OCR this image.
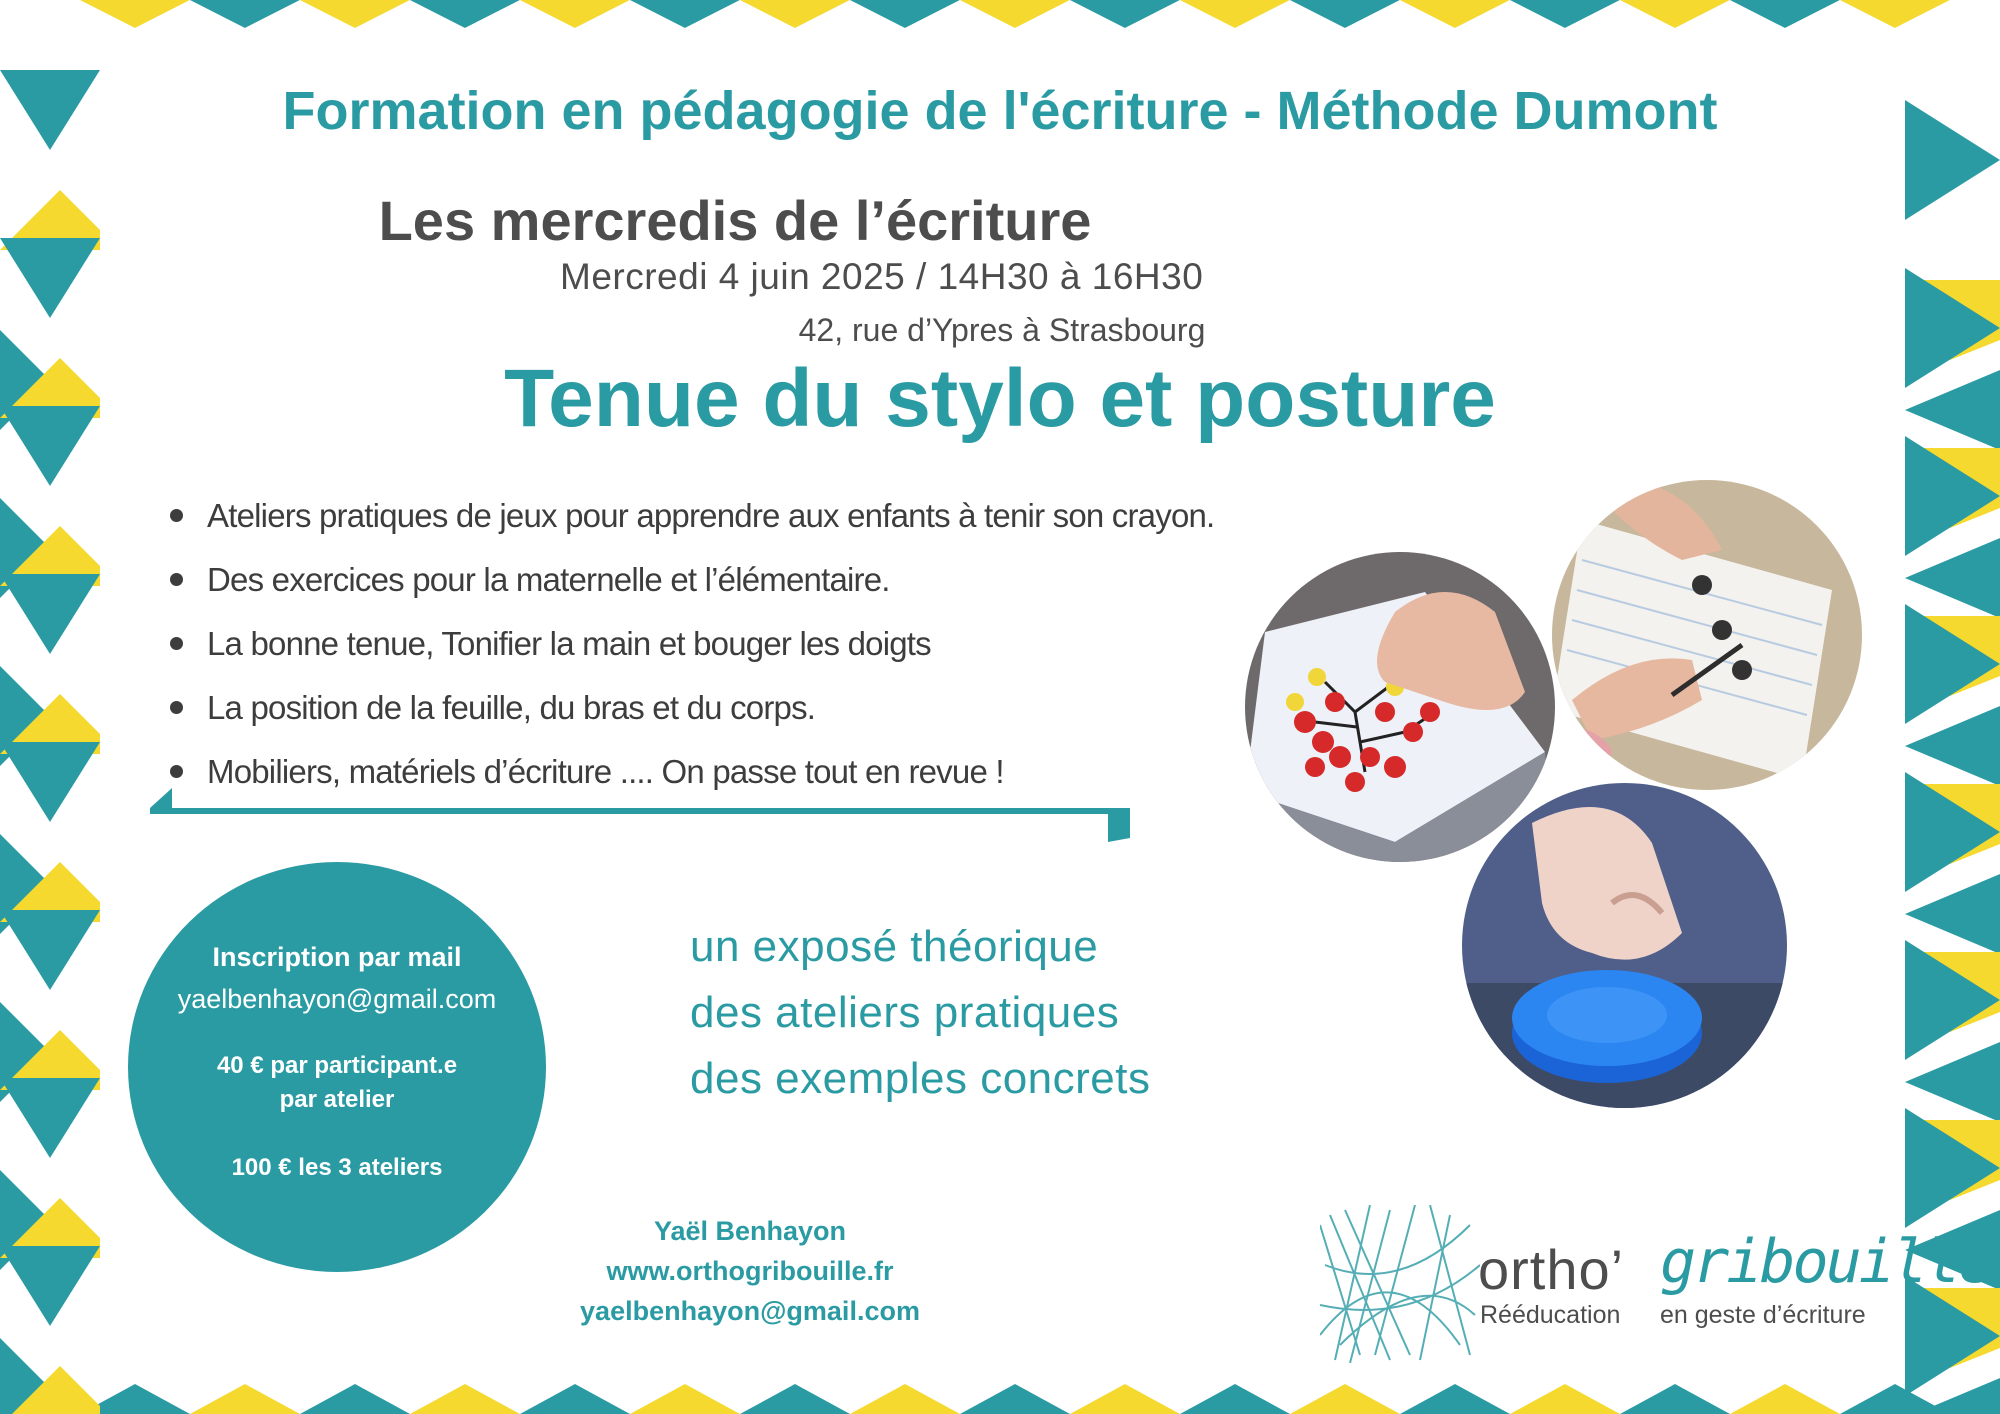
Formation en pédagogie de l'écriture - Méthode Dumont
Les mercredis de l’écriture
Mercredi 4 juin 2025 / 14H30 à 16H30
42, rue d’Ypres à Strasbourg
Tenue du stylo et posture
Ateliers pratiques de jeux pour apprendre aux enfants à tenir son crayon.
Des exercices pour la maternelle et l’élémentaire.
La bonne tenue, Tonifier la main et bouger les doigts
La position de la feuille, du bras et du corps.
Mobiliers, matériels d’écriture .... On passe tout en revue !
Inscription par mail
yaelbenhayon@gmail.com
40 € par participant.e
par atelier
100 € les 3 ateliers
un exposé théorique
des ateliers pratiques
des exemples concrets
Yaël Benhayon
www.orthogribouille.fr
yaelbenhayon@gmail.com
ortho’ gribouille
Rééducation en geste d’écriture
